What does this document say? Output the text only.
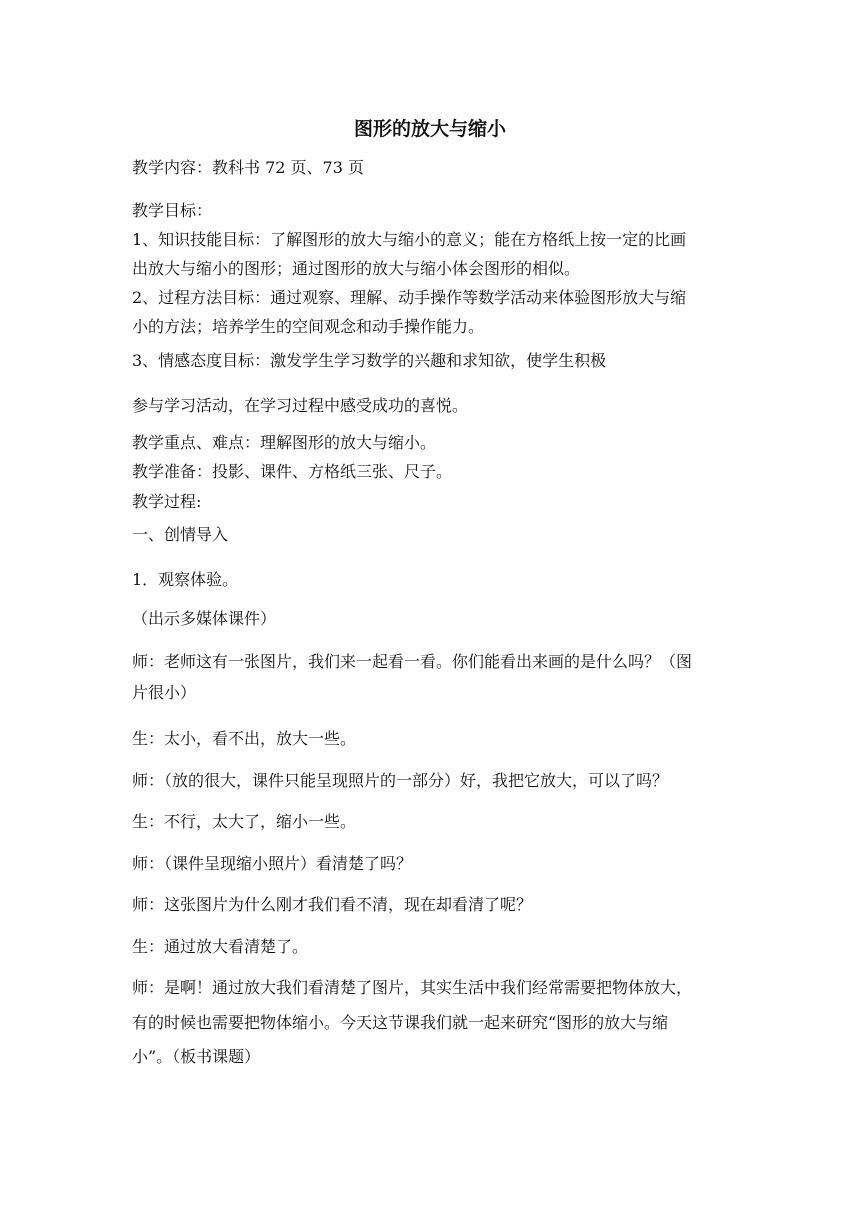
图形的放大与缩小
教学内容：教科书 72 页、73 页
教学目标：
1、知识技能目标：了解图形的放大与缩小的意义；能在方格纸上按一定的比画
出放大与缩小的图形；通过图形的放大与缩小体会图形的相似。
2、过程方法目标：通过观察、理解、动手操作等数学活动来体验图形放大与缩
小的方法；培养学生的空间观念和动手操作能力。
3、情感态度目标：激发学生学习数学的兴趣和求知欲，使学生积极
参与学习活动，在学习过程中感受成功的喜悦。
教学重点、难点：理解图形的放大与缩小。
教学准备：投影、课件、方格纸三张、尺子。
教学过程:
一、创情导入
1．观察体验。
（出示多媒体课件）
师：老师这有一张图片，我们来一起看一看。你们能看出来画的是什么吗？（图
片很小）
生：太小，看不出，放大一些。
师：（放的很大，课件只能呈现照片的一部分）好，我把它放大，可以了吗？
生：不行，太大了，缩小一些。
师：（课件呈现缩小照片）看清楚了吗？
师：这张图片为什么刚才我们看不清，现在却看清了呢？
生：通过放大看清楚了。
师：是啊！通过放大我们看清楚了图片，其实生活中我们经常需要把物体放大，
有的时候也需要把物体缩小。今天这节课我们就一起来研究“图形的放大与缩
小”。（板书课题）
